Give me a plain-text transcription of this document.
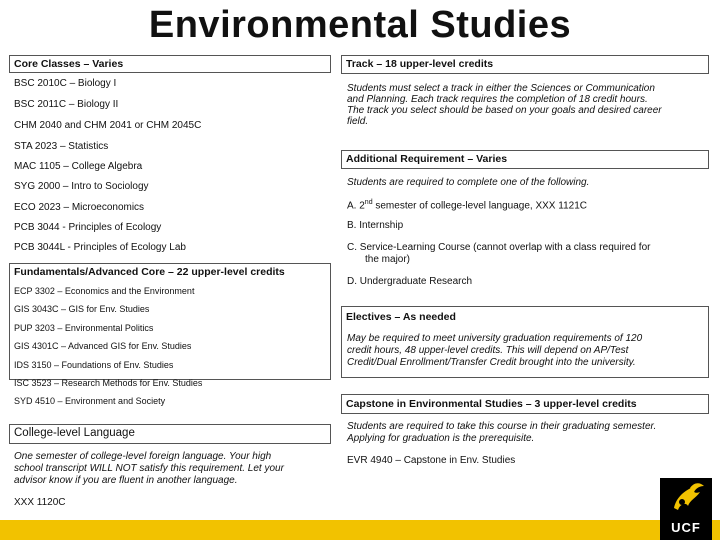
Environmental Studies
Core Classes – Varies
BSC 2010C – Biology I
BSC 2011C – Biology II
CHM 2040 and CHM 2041 or CHM 2045C
STA 2023 – Statistics
MAC 1105 – College Algebra
SYG 2000 – Intro to Sociology
ECO 2023 – Microeconomics
PCB 3044 - Principles of Ecology
PCB 3044L - Principles of Ecology Lab
Fundamentals/Advanced Core – 22 upper-level credits
ECP 3302 – Economics and the Environment
GIS 3043C – GIS for Env. Studies
PUP 3203 – Environmental Politics
GIS 4301C – Advanced GIS for Env. Studies
IDS 3150 – Foundations of Env. Studies
ISC 3523 – Research Methods for Env. Studies
SYD 4510 – Environment and Society
College-level Language
One semester of college-level foreign language. Your high
school transcript WILL NOT satisfy this requirement. Let your
advisor know if you are fluent in another language.
XXX 1120C
Track – 18 upper-level credits
Students must select a track in either the Sciences or Communication
and Planning. Each track requires the completion of 18 credit hours.
The track you select should be based on your goals and desired career
field.
Additional Requirement – Varies
Students are required to complete one of the following.
A. 2nd semester of college-level language, XXX 1121C
B. Internship
C. Service-Learning Course (cannot overlap with a class required for
the major)
D. Undergraduate Research
Electives – As needed
May be required to meet university graduation requirements of 120
credit hours, 48 upper-level credits. This will depend on AP/Test
Credit/Dual Enrollment/Transfer Credit brought into the university.
Capstone in Environmental Studies – 3 upper-level credits
Students are required to take this course in their graduating semester.
Applying for graduation is the prerequisite.
EVR 4940 – Capstone in Env. Studies
UCF
